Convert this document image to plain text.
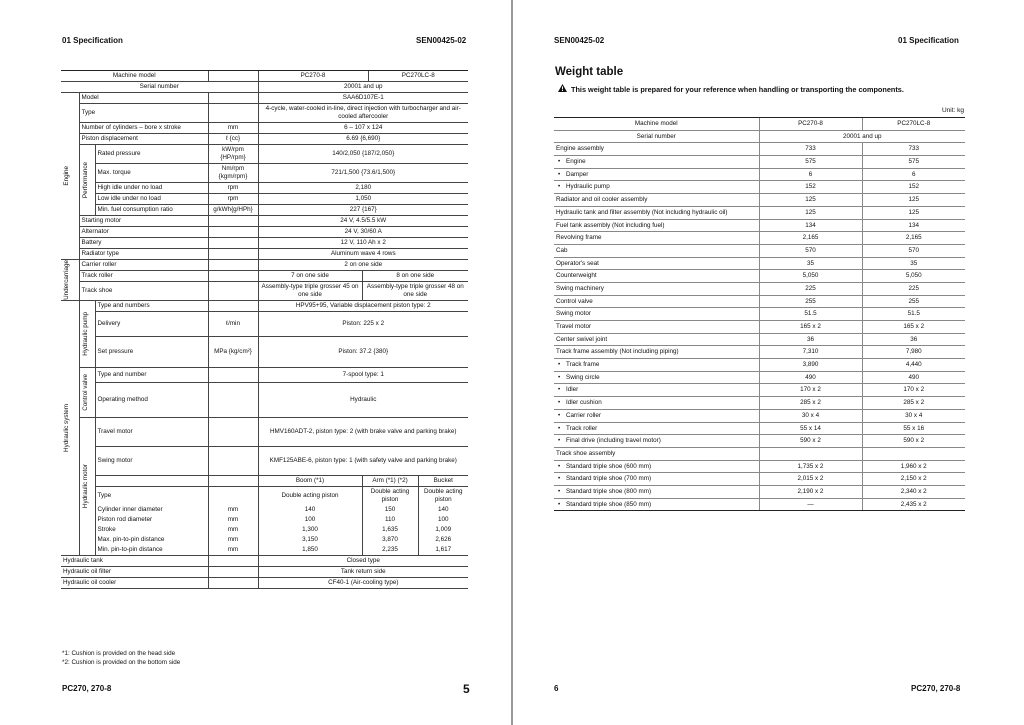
01 Specification	SEN00425-02
Machine model				PC270-8		PC270LC-8	
Serial number				20001 and up			

Engine	Model			SAA6D107E-1			
	Type			4-cycle, water-cooled in-line, direct injection with turbocharger and air-cooled aftercooler			
	Number of cylinders – bore x stroke		mm	6 – 107 x 124			
	Piston displacement		ℓ {cc}	6.69 {6,690}			

	Performance	Rated pressure	kW/rpm {HP/rpm}	140/2,050 {187/2,050}			
		Max. torque	Nm/rpm {kgm/rpm}	721/1,500 {73.6/1,500}			
		High idle under no load	rpm	2,180			
		Low idle under no load	rpm	1,050			
		Min. fuel consumption ratio	g/kWh{g/HPh}	227 {167}			
	Starting motor			24 V, 4.5/5.5 kW			
	Alternator			24 V, 30/60 A			
	Battery			12 V, 110 Ah x 2			
	Radiator type			Aluminum wave 4 rows			

Undercarriage	Carrier roller			2 on one side			
	Track roller			7 on one side	8 on one side		
	Track shoe			Assembly-type triple grosser 45 on one side	Assembly-type triple grosser 48 on one side		

Hydraulic system	Hydraulic pump	Type and numbers		HPV95+95, Variable displacement piston type: 2			
		Delivery	ℓ/min	Piston: 225 x 2			
		Set pressure	MPa {kg/cm²}	Piston: 37.2 {380}			

	Control valve	Type and number		7-spool type: 1			
		Operating method		Hydraulic			

	Hydraulic motor	Travel motor		HMV160ADT-2, piston type: 2 (with brake valve and parking brake)			
		Swing motor		KMF125ABE-6, piston type: 1 (with safety valve and parking brake)			
				Boom (*1)	Arm (*1) (*2)		Bucket
		Type		Double acting piston	Double acting piston		Double acting piston
		Cylinder inner diameter	mm	140	150		140
		Piston rod diameter	mm	100	110		100
		Stroke	mm	1,300	1,635		1,009
		Max. pin-to-pin distance	mm	3,150	3,870		2,626
		Min. pin-to-pin distance	mm	1,850	2,235		1,617
Hydraulic tank				Closed type			
Hydraulic oil filter				Tank return side			
Hydraulic oil cooler				CF40-1 (Air-cooling type)			
*1: Cushion is provided on the head side
*2: Cushion is provided on the bottom side
PC270, 270-8	5
SEN00425-02	01 Specification
Weight table
This weight table is prepared for your reference when handling or transporting the components.
Unit: kg
Machine model	PC270-8	PC270LC-8
Serial number	20001 and up	
Engine assembly	733	733
• Engine	575	575
• Damper	6	6
• Hydraulic pump	152	152
Radiator and oil cooler assembly	125	125
Hydraulic tank and filter assembly (Not including hydraulic oil)	125	125
Fuel tank assembly (Not including fuel)	134	134
Revolving frame	2,165	2,165
Cab	570	570
Operator's seat	35	35
Counterweight	5,050	5,050
Swing machinery	225	225
Control valve	255	255
Swing motor	51.5	51.5
Travel motor	165 x 2	165 x 2
Center swivel joint	36	36
Track frame assembly (Not including piping)	7,310	7,980
• Track frame	3,890	4,440
• Swing circle	490	490
• Idler	170 x 2	170 x 2
• Idler cushion	285 x 2	285 x 2
• Carrier roller	30 x 4	30 x 4
• Track roller	55 x 14	55 x 16
• Final drive (including travel motor)	590 x 2	590 x 2
Track shoe assembly		
• Standard triple shoe (600 mm)	1,735 x 2	1,960 x 2
• Standard triple shoe (700 mm)	2,015 x 2	2,150 x 2
• Standard triple shoe (800 mm)	2,190 x 2	2,340 x 2
• Standard triple shoe (850 mm)	—	2,435 x 2
6	PC270, 270-8
